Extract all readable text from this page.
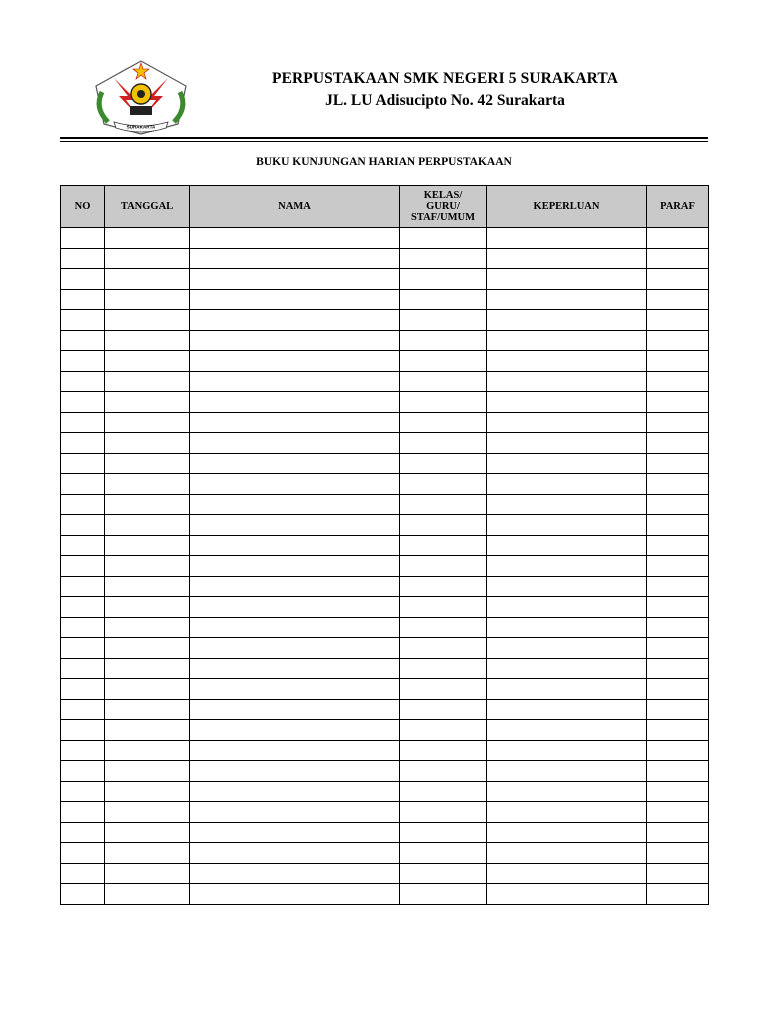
SURAKARTA
PERPUSTAKAAN SMK NEGERI 5 SURAKARTA
JL. LU Adisucipto No. 42 Surakarta
BUKU KUNJUNGAN HARIAN PERPUSTAKAAN
NO	TANGGAL	NAMA	KELAS/
GURU/
STAF/UMUM	KEPERLUAN	PARAF
